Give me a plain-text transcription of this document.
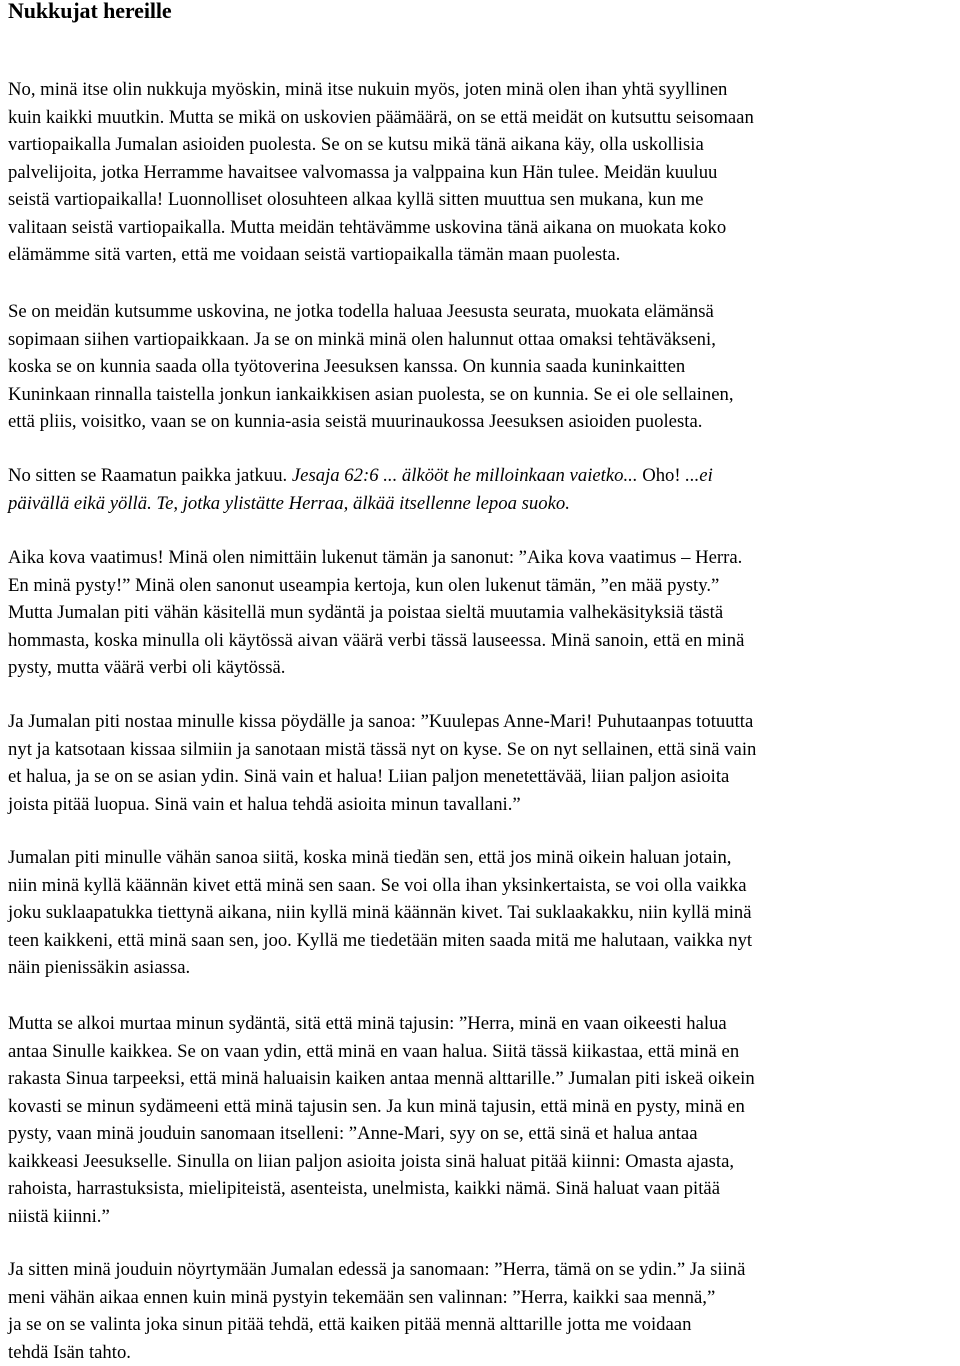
Nukkujat hereille

No, minä itse olin nukkuja myöskin, minä itse nukuin myös, joten minä olen ihan yhtä syyllinen
kuin kaikki muutkin. Mutta se mikä on uskovien päämäärä, on se että meidät on kutsuttu seisomaan
vartiopaikalla Jumalan asioiden puolesta. Se on se kutsu mikä tänä aikana käy, olla uskollisia
palvelijoita, jotka Herramme havaitsee valvomassa ja valppaina kun Hän tulee. Meidän kuuluu
seistä vartiopaikalla! Luonnolliset olosuhteen alkaa kyllä sitten muuttua sen mukana, kun me
valitaan seistä vartiopaikalla. Mutta meidän tehtävämme uskovina tänä aikana on muokata koko
elämämme sitä varten, että me voidaan seistä vartiopaikalla tämän maan puolesta.

Se on meidän kutsumme uskovina, ne jotka todella haluaa Jeesusta seurata, muokata elämänsä
sopimaan siihen vartiopaikkaan. Ja se on minkä minä olen halunnut ottaa omaksi tehtäväkseni,
koska se on kunnia saada olla työtoverina Jeesuksen kanssa. On kunnia saada kuninkaitten
Kuninkaan rinnalla taistella jonkun iankaikkisen asian puolesta, se on kunnia. Se ei ole sellainen,
että pliis, voisitko, vaan se on kunnia-asia seistä muurinaukossa Jeesuksen asioiden puolesta.

No sitten se Raamatun paikka jatkuu. Jesaja 62:6 ... älkööt he milloinkaan vaietko... Oho! ...ei
päivällä eikä yöllä. Te, jotka ylistätte Herraa, älkää itsellenne lepoa suoko.

Aika kova vaatimus! Minä olen nimittäin lukenut tämän ja sanonut: ”Aika kova vaatimus – Herra.
En minä pysty!” Minä olen sanonut useampia kertoja, kun olen lukenut tämän, ”en mää pysty.”
Mutta Jumalan piti vähän käsitellä mun sydäntä ja poistaa sieltä muutamia valhekäsityksiä tästä
hommasta, koska minulla oli käytössä aivan väärä verbi tässä lauseessa. Minä sanoin, että en minä
pysty, mutta väärä verbi oli käytössä.

Ja Jumalan piti nostaa minulle kissa pöydälle ja sanoa: ”Kuulepas Anne-Mari! Puhutaanpas totuutta
nyt ja katsotaan kissaa silmiin ja sanotaan mistä tässä nyt on kyse. Se on nyt sellainen, että sinä vain
et halua, ja se on se asian ydin. Sinä vain et halua! Liian paljon menetettävää, liian paljon asioita
joista pitää luopua. Sinä vain et halua tehdä asioita minun tavallani.”

Jumalan piti minulle vähän sanoa siitä, koska minä tiedän sen, että jos minä oikein haluan jotain,
niin minä kyllä käännän kivet että minä sen saan. Se voi olla ihan yksinkertaista, se voi olla vaikka
joku suklaapatukka tiettynä aikana, niin kyllä minä käännän kivet. Tai suklaakakku, niin kyllä minä
teen kaikkeni, että minä saan sen, joo. Kyllä me tiedetään miten saada mitä me halutaan, vaikka nyt
näin pienissäkin asiassa.

Mutta se alkoi murtaa minun sydäntä, sitä että minä tajusin: ”Herra, minä en vaan oikeesti halua
antaa Sinulle kaikkea. Se on vaan ydin, että minä en vaan halua. Siitä tässä kiikastaa, että minä en
rakasta Sinua tarpeeksi, että minä haluaisin kaiken antaa mennä alttarille.” Jumalan piti iskeä oikein
kovasti se minun sydämeeni että minä tajusin sen. Ja kun minä tajusin, että minä en pysty, minä en
pysty, vaan minä jouduin sanomaan itselleni: ”Anne-Mari, syy on se, että sinä et halua antaa
kaikkeasi Jeesukselle. Sinulla on liian paljon asioita joista sinä haluat pitää kiinni: Omasta ajasta,
rahoista, harrastuksista, mielipiteistä, asenteista, unelmista, kaikki nämä. Sinä haluat vaan pitää
niistä kiinni.”

Ja sitten minä jouduin nöyrtymään Jumalan edessä ja sanomaan: ”Herra, tämä on se ydin.” Ja siinä
meni vähän aikaa ennen kuin minä pystyin tekemään sen valinnan: ”Herra, kaikki saa mennä,”
ja se on se valinta joka sinun pitää tehdä, että kaiken pitää mennä alttarille jotta me voidaan
tehdä Isän tahto.
